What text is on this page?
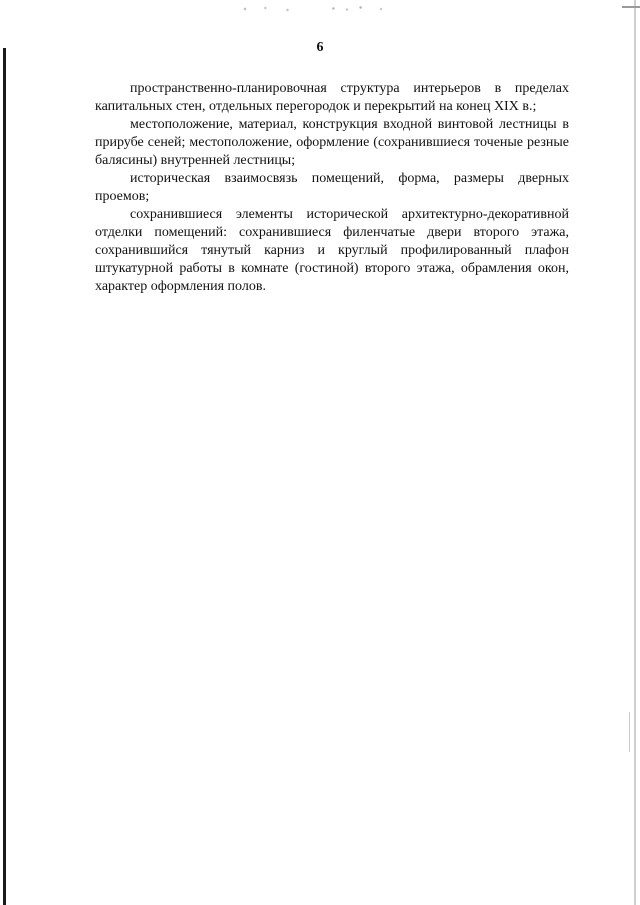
6

пространственно-планировочная структура интерьеров в пределах капитальных стен, отдельных перегородок и перекрытий на конец XIX в.;

местоположение, материал, конструкция входной винтовой лестницы в прирубе сеней; местоположение, оформление (сохранившиеся точеные резные балясины) внутренней лестницы;

историческая взаимосвязь помещений, форма, размеры дверных проемов;

сохранившиеся элементы исторической архитектурно-декоративной отделки помещений: сохранившиеся филенчатые двери второго этажа, сохранившийся тянутый карниз и круглый профилированный плафон штукатурной работы в комнате (гостиной) второго этажа, обрамления окон, характер оформления полов.
